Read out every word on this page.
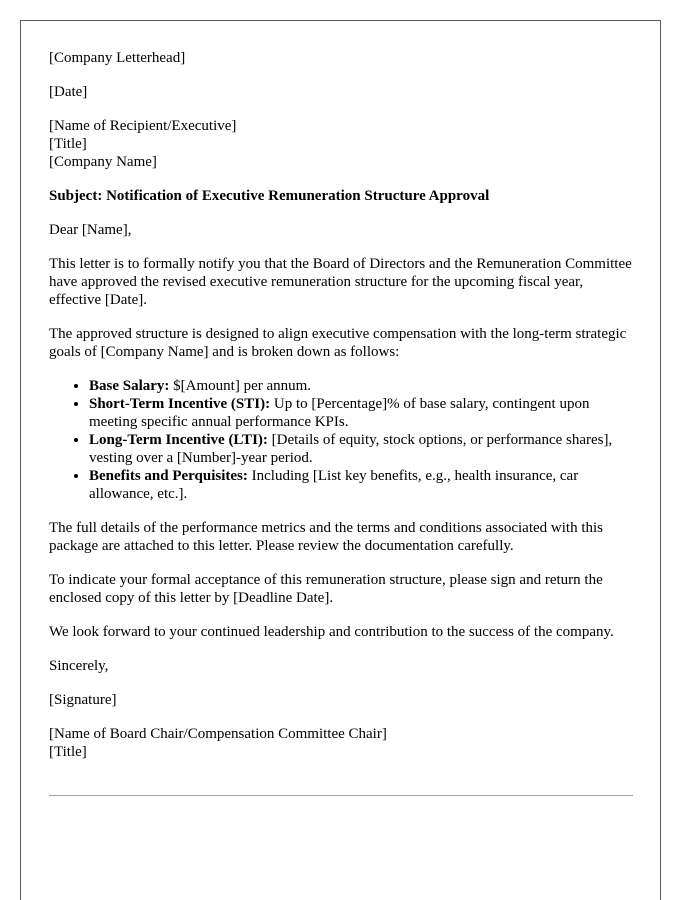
[Company Letterhead]

[Date]

[Name of Recipient/Executive]
[Title]
[Company Name]

Subject: Notification of Executive Remuneration Structure Approval

Dear [Name],

This letter is to formally notify you that the Board of Directors and the Remuneration Committee have approved the revised executive remuneration structure for the upcoming fiscal year, effective [Date].

The approved structure is designed to align executive compensation with the long-term strategic goals of [Company Name] and is broken down as follows:

• Base Salary: $[Amount] per annum.
• Short-Term Incentive (STI): Up to [Percentage]% of base salary, contingent upon meeting specific annual performance KPIs.
• Long-Term Incentive (LTI): [Details of equity, stock options, or performance shares], vesting over a [Number]-year period.
• Benefits and Perquisites: Including [List key benefits, e.g., health insurance, car allowance, etc.].

The full details of the performance metrics and the terms and conditions associated with this package are attached to this letter. Please review the documentation carefully.

To indicate your formal acceptance of this remuneration structure, please sign and return the enclosed copy of this letter by [Deadline Date].

We look forward to your continued leadership and contribution to the success of the company.

Sincerely,

[Signature]

[Name of Board Chair/Compensation Committee Chair]
[Title]
